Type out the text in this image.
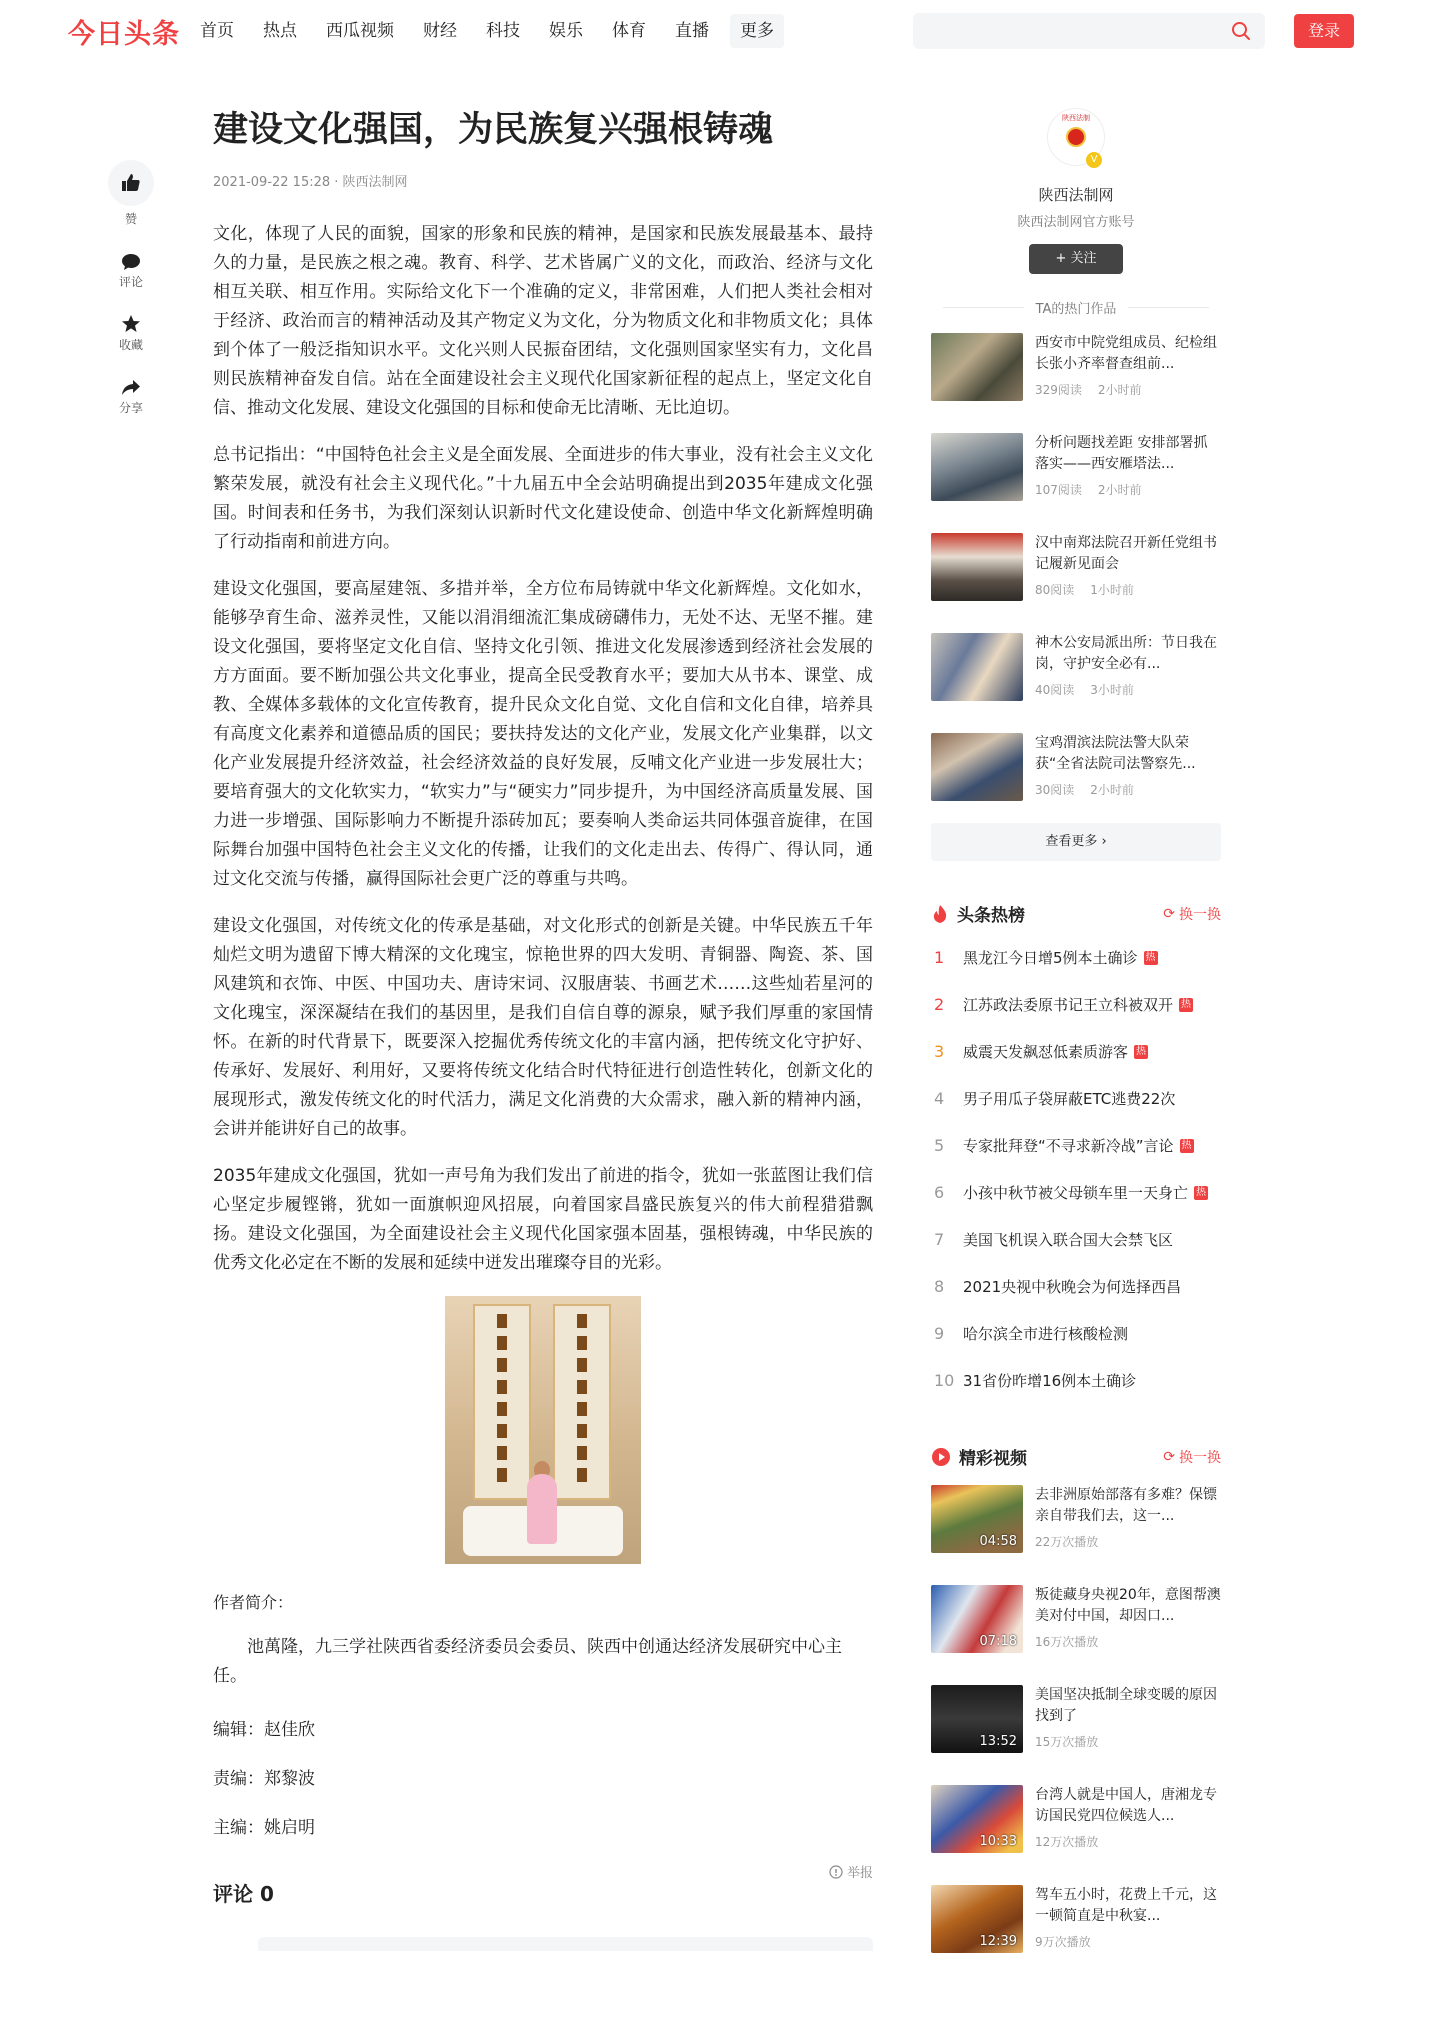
今日头条 首页 热点 西瓜视频 财经 科技 娱乐 体育 直播	更多	登录
赞
评论
收藏
分享
建设文化强国，为民族复兴强根铸魂
2021-09-22 15:28 · 陕西法制网

文化，体现了人民的面貌，国家的形象和民族的精神，是国家和民族发展最基本、最持久的力量，是民族之根之魂。教育、科学、艺术皆属广义的文化，而政治、经济与文化相互关联、相互作用。实际给文化下一个准确的定义，非常困难，人们把人类社会相对于经济、政治而言的精神活动及其产物定义为文化，分为物质文化和非物质文化；具体到个体了一般泛指知识水平。文化兴则人民振奋团结，文化强则国家坚实有力，文化昌则民族精神奋发自信。站在全面建设社会主义现代化国家新征程的起点上，坚定文化自信、推动文化发展、建设文化强国的目标和使命无比清晰、无比迫切。

总书记指出：“中国特色社会主义是全面发展、全面进步的伟大事业，没有社会主义文化繁荣发展，就没有社会主义现代化。”十九届五中全会站明确提出到2035年建成文化强国。时间表和任务书，为我们深刻认识新时代文化建设使命、创造中华文化新辉煌明确了行动指南和前进方向。

建设文化强国，要高屋建瓴、多措并举，全方位布局铸就中华文化新辉煌。文化如水，能够孕育生命、滋养灵性，又能以涓涓细流汇集成磅礴伟力，无处不达、无坚不摧。建设文化强国，要将坚定文化自信、坚持文化引领、推进文化发展渗透到经济社会发展的方方面面。要不断加强公共文化事业，提高全民受教育水平；要加大从书本、课堂、成教、全媒体多载体的文化宣传教育，提升民众文化自觉、文化自信和文化自律，培养具有高度文化素养和道德品质的国民；要扶持发达的文化产业，发展文化产业集群，以文化产业发展提升经济效益，社会经济效益的良好发展，反哺文化产业进一步发展壮大；要培育强大的文化软实力，“软实力”与“硬实力”同步提升，为中国经济高质量发展、国力进一步增强、国际影响力不断提升添砖加瓦；要奏响人类命运共同体强音旋律，在国际舞台加强中国特色社会主义文化的传播，让我们的文化走出去、传得广、得认同，通过文化交流与传播，赢得国际社会更广泛的尊重与共鸣。

建设文化强国，对传统文化的传承是基础，对文化形式的创新是关键。中华民族五千年灿烂文明为遗留下博大精深的文化瑰宝，惊艳世界的四大发明、青铜器、陶瓷、茶、国风建筑和衣饰、中医、中国功夫、唐诗宋词、汉服唐装、书画艺术……这些灿若星河的文化瑰宝，深深凝结在我们的基因里，是我们自信自尊的源泉，赋予我们厚重的家国情怀。在新的时代背景下，既要深入挖掘优秀传统文化的丰富内涵，把传统文化守护好、传承好、发展好、利用好，又要将传统文化结合时代特征进行创造性转化，创新文化的展现形式，激发传统文化的时代活力，满足文化消费的大众需求，融入新的精神内涵，会讲并能讲好自己的故事。

2035年建成文化强国，犹如一声号角为我们发出了前进的指令，犹如一张蓝图让我们信心坚定步履铿锵，犹如一面旗帜迎风招展，向着国家昌盛民族复兴的伟大前程猎猎飘扬。建设文化强国，为全面建设社会主义现代化国家强本固基，强根铸魂，中华民族的优秀文化必定在不断的发展和延续中迸发出璀璨夺目的光彩。

作者简介：
池萬隆，九三学社陕西省委经济委员会委员、陕西中创通达经济发展研究中心主任。
编辑：赵佳欣
责编：郑黎波
主编：姚启明
举报
评论 0
陕西法制
V
陕西法制网
陕西法制网官方账号
+ 关注
TA的热门作品
西安市中院党组成员、纪检组长张小齐率督查组前...
329阅读 2小时前
分析问题找差距 安排部署抓落实——西安雁塔法...
107阅读 2小时前
汉中南郑法院召开新任党组书记履新见面会
80阅读 1小时前
神木公安局派出所：节日我在岗，守护安全必有...
40阅读 3小时前
宝鸡渭滨法院法警大队荣获“全省法院司法警察先...
30阅读 2小时前
查看更多 ›
头条热榜	⟳ 换一换
1	黑龙江今日增5例本土确诊 热
2	江苏政法委原书记王立科被双开 热
3	威震天发飙怼低素质游客 热
4	男子用瓜子袋屏蔽ETC逃费22次
5	专家批拜登“不寻求新冷战”言论 热
6	小孩中秋节被父母锁车里一天身亡 热
7	美国飞机误入联合国大会禁飞区
8	2021央视中秋晚会为何选择西昌
9	哈尔滨全市进行核酸检测
10 31省份昨增16例本土确诊
精彩视频	⟳ 换一换
04:58
去非洲原始部落有多难？保镖亲自带我们去，这一...
22万次播放
07:18
叛徒藏身央视20年，意图帮澳美对付中国，却因口...
16万次播放
13:52
美国坚决抵制全球变暖的原因找到了
15万次播放
10:33
台湾人就是中国人，唐湘龙专访国民党四位候选人...
12万次播放
12:39
驾车五小时，花费上千元，这一顿简直是中秋宴...
9万次播放
